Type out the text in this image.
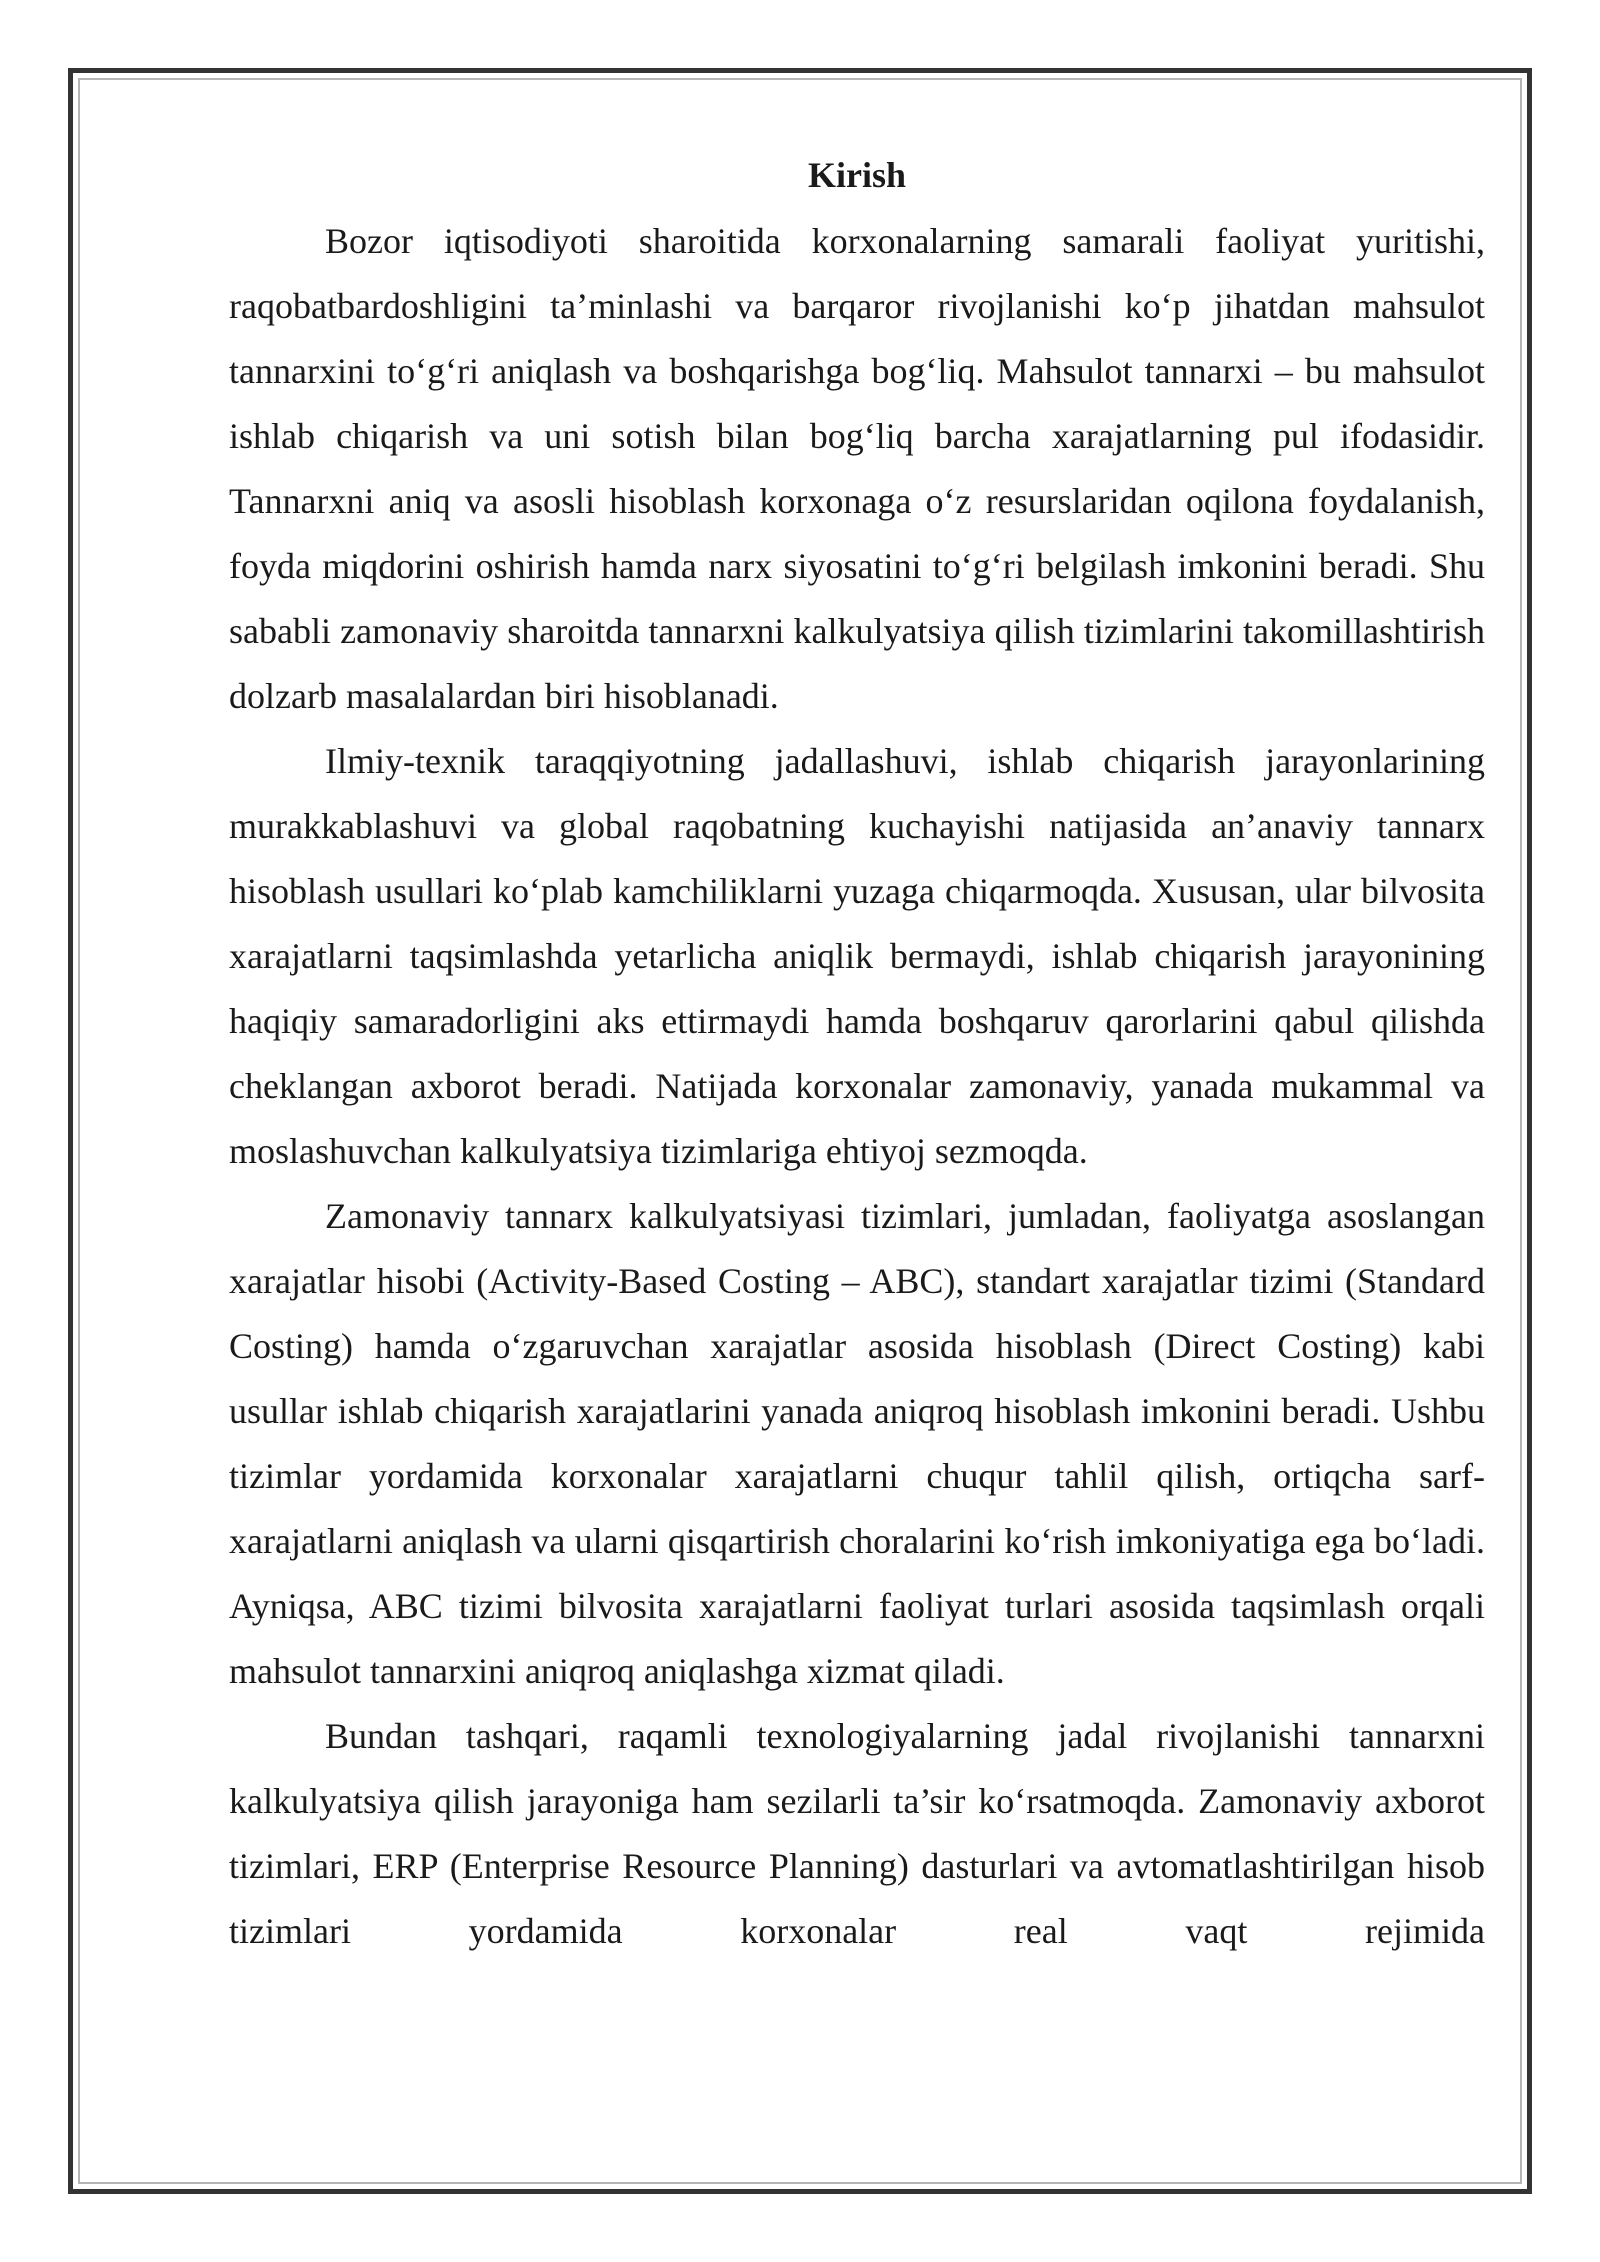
Kirish

Bozor iqtisodiyoti sharoitida korxonalarning samarali faoliyat yuritishi, raqobatbardoshligini ta’minlashi va barqaror rivojlanishi ko‘p jihatdan mahsulot tannarxini to‘g‘ri aniqlash va boshqarishga bog‘liq. Mahsulot tannarxi – bu mahsulot ishlab chiqarish va uni sotish bilan bog‘liq barcha xarajatlarning pul ifodasidir. Tannarxni aniq va asosli hisoblash korxonaga o‘z resurslaridan oqilona foydalanish, foyda miqdorini oshirish hamda narx siyosatini to‘g‘ri belgilash imkonini beradi. Shu sababli zamonaviy sharoitda tannarxni kalkulyatsiya qilish tizimlarini takomillashtirish dolzarb masalalardan biri hisoblanadi.

Ilmiy-texnik taraqqiyotning jadallashuvi, ishlab chiqarish jarayonlarining murakkablashuvi va global raqobatning kuchayishi natijasida an’anaviy tannarx hisoblash usullari ko‘plab kamchiliklarni yuzaga chiqarmoqda. Xususan, ular bilvosita xarajatlarni taqsimlashda yetarlicha aniqlik bermaydi, ishlab chiqarish jarayonining haqiqiy samaradorligini aks ettirmaydi hamda boshqaruv qarorlarini qabul qilishda cheklangan axborot beradi. Natijada korxonalar zamonaviy, yanada mukammal va moslashuvchan kalkulyatsiya tizimlariga ehtiyoj sezmoqda.

Zamonaviy tannarx kalkulyatsiyasi tizimlari, jumladan, faoliyatga asoslangan xarajatlar hisobi (Activity-Based Costing – ABC), standart xarajatlar tizimi (Standard Costing) hamda o‘zgaruvchan xarajatlar asosida hisoblash (Direct Costing) kabi usullar ishlab chiqarish xarajatlarini yanada aniqroq hisoblash imkonini beradi. Ushbu tizimlar yordamida korxonalar xarajatlarni chuqur tahlil qilish, ortiqcha sarf-xarajatlarni aniqlash va ularni qisqartirish choralarini ko‘rish imkoniyatiga ega bo‘ladi. Ayniqsa, ABC tizimi bilvosita xarajatlarni faoliyat turlari asosida taqsimlash orqali mahsulot tannarxini aniqroq aniqlashga xizmat qiladi.

Bundan tashqari, raqamli texnologiyalarning jadal rivojlanishi tannarxni kalkulyatsiya qilish jarayoniga ham sezilarli ta’sir ko‘rsatmoqda. Zamonaviy axborot tizimlari, ERP (Enterprise Resource Planning) dasturlari va avtomatlashtirilgan hisob tizimlari yordamida korxonalar real vaqt rejimida
